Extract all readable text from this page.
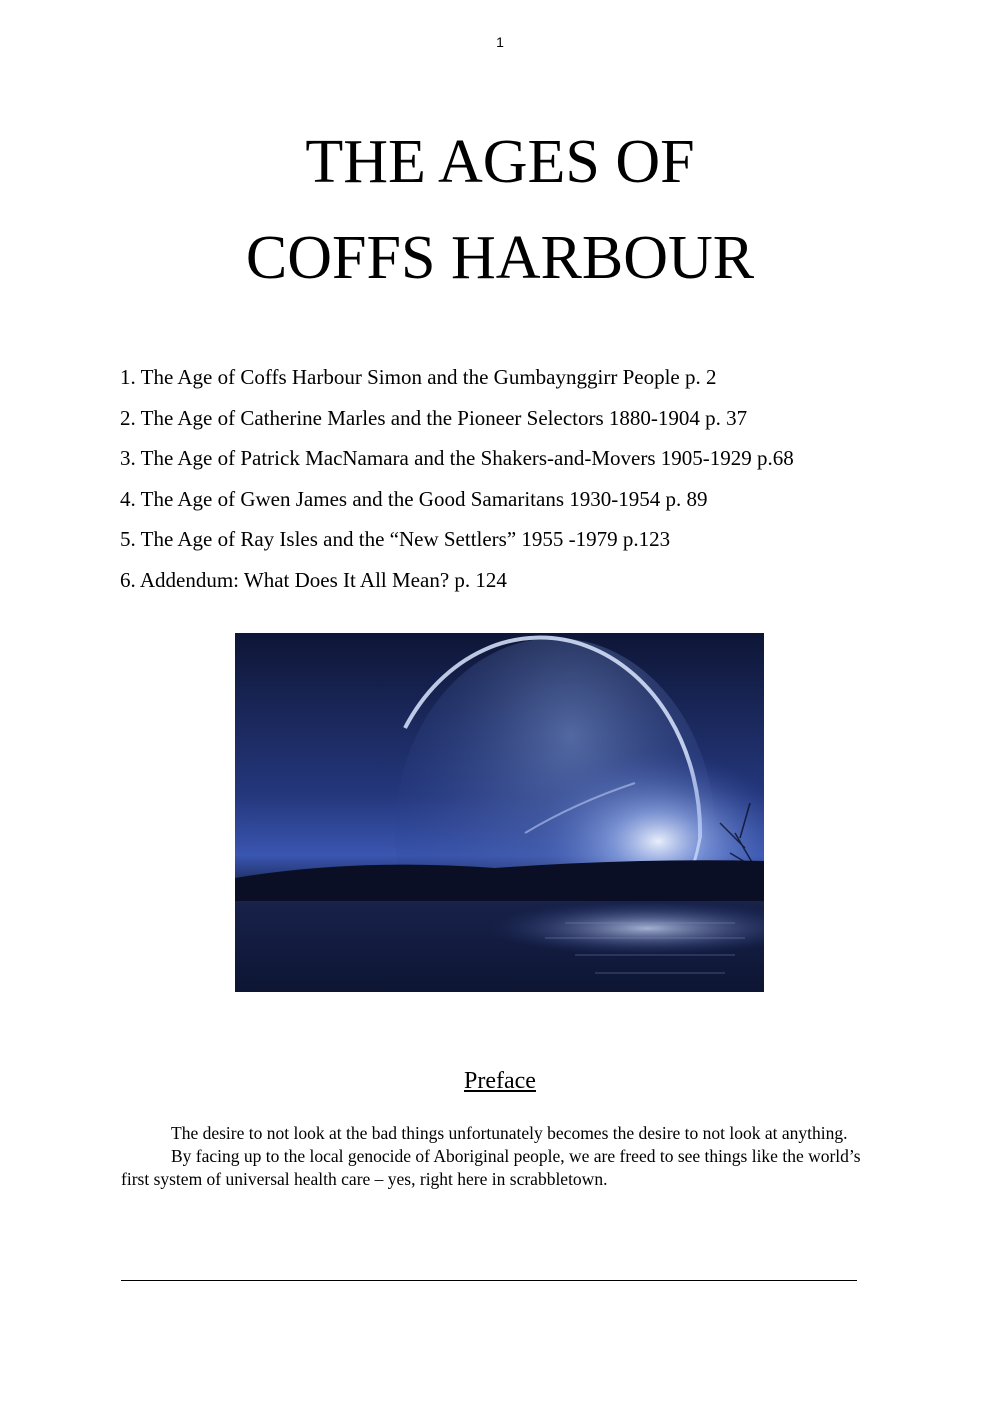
1
THE AGES OF
COFFS HARBOUR
1. The Age of Coffs Harbour Simon and the Gumbaynggirr People p. 2
2. The Age of Catherine Marles and the Pioneer Selectors 1880-1904 p. 37
3. The Age of Patrick MacNamara and the Shakers-and-Movers 1905-1929 p.68
4. The Age of Gwen James and the Good Samaritans 1930-1954 p. 89
5. The Age of Ray Isles and the “New Settlers” 1955 -1979 p.123
6. Addendum: What Does It All Mean? p. 124
Preface

The desire to not look at the bad things unfortunately becomes the desire to not look at anything.

By facing up to the local genocide of Aboriginal people, we are freed to see things like the world’s first system of universal health care – yes, right here in scrabbletown.
